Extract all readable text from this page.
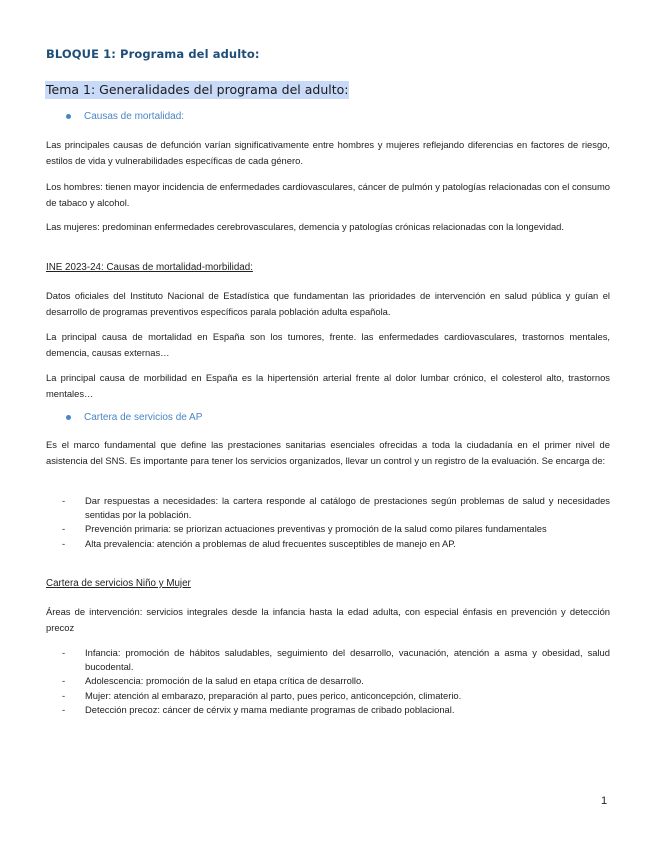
BLOQUE 1: Programa del adulto:
Tema 1: Generalidades del programa del adulto:
Causas de mortalidad:

Las principales causas de defunción varían significativamente entre hombres y mujeres reflejando diferencias en factores de riesgo, estilos de vida y vulnerabilidades específicas de cada género.

Los hombres: tienen mayor incidencia de enfermedades cardiovasculares, cáncer de pulmón y patologías relacionadas con el consumo de tabaco y alcohol.

Las mujeres: predominan enfermedades cerebrovasculares, demencia y patologías crónicas relacionadas con la longevidad.

INE 2023-24: Causas de mortalidad-morbilidad:

Datos oficiales del Instituto Nacional de Estadística que fundamentan las prioridades de intervención en salud pública y guían el desarrollo de programas preventivos específicos parala población adulta española.

La principal causa de mortalidad en España son los tumores, frente. las enfermedades cardiovasculares, trastornos mentales, demencia, causas externas…

La principal causa de morbilidad en España es la hipertensión arterial frente al dolor lumbar crónico, el colesterol alto, trastornos mentales…

Cartera de servicios de AP

Es el marco fundamental que define las prestaciones sanitarias esenciales ofrecidas a toda la ciudadanía en el primer nivel de asistencia del SNS. Es importante para tener los servicios organizados, llevar un control y un registro de la evaluación. Se encarga de:

- Dar respuestas a necesidades: la cartera responde al catálogo de prestaciones según problemas de salud y necesidades sentidas por la población.
- Prevención primaria: se priorizan actuaciones preventivas y promoción de la salud como pilares fundamentales
- Alta prevalencia: atención a problemas de alud frecuentes susceptibles de manejo en AP.
Cartera de servicios Niño y Mujer

Áreas de intervención: servicios integrales desde la infancia hasta la edad adulta, con especial énfasis en prevención y detección precoz

- Infancia: promoción de hábitos saludables, seguimiento del desarrollo, vacunación, atención a asma y obesidad, salud bucodental.
- Adolescencia: promoción de la salud en etapa crítica de desarrollo.
- Mujer: atención al embarazo, preparación al parto, pues perico, anticoncepción, climaterio.
- Detección precoz: cáncer de cérvix y mama mediante programas de cribado poblacional.
1
